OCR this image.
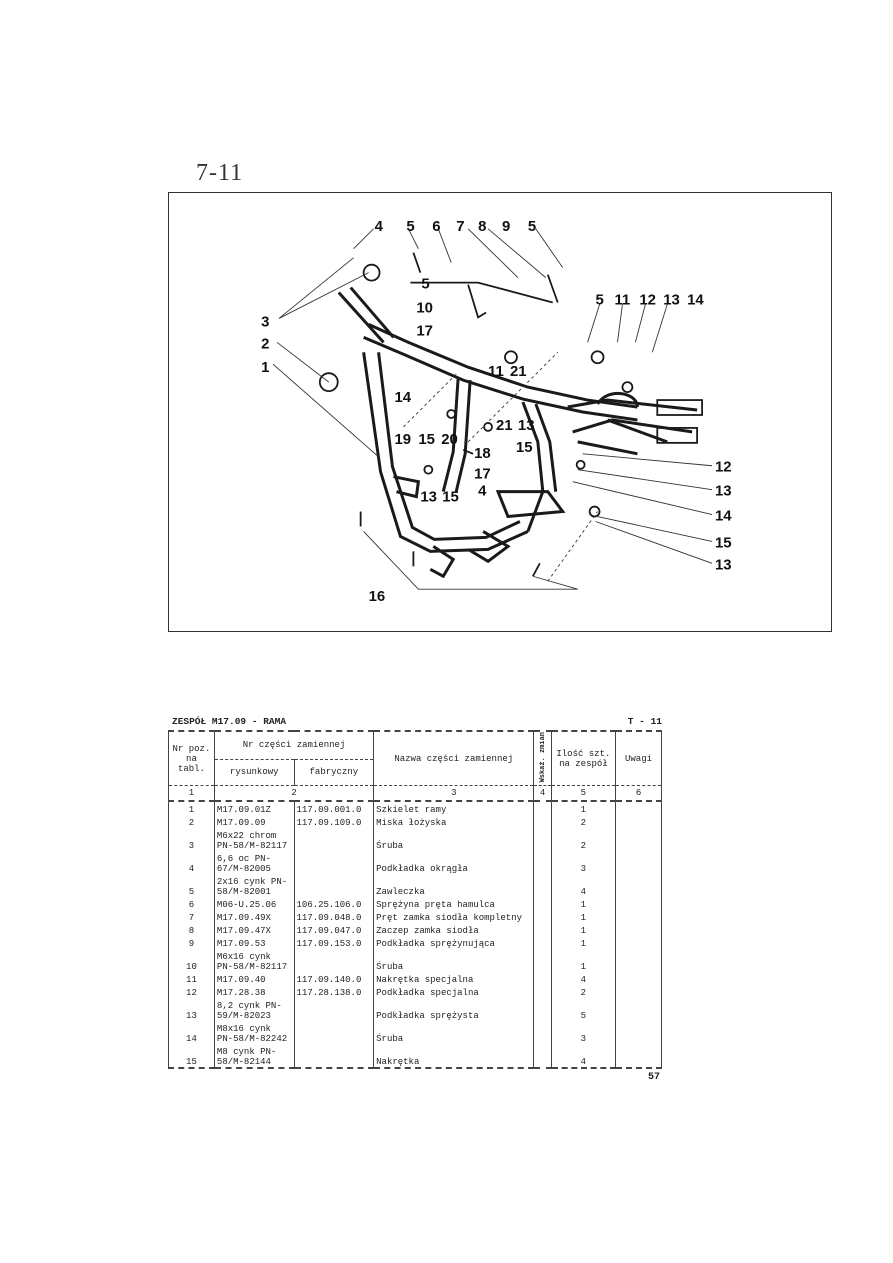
7-11
4 5 6 7 8 9 5
5
10
17
3
2
1
5 11 12 13 14
11 21
14
21 13
19 15 20
18 15
17
4
13 15
12
13
14
15
13
16
ZESPÓŁ M17.09 - RAMA	T - 11
Nr poz. na tabl.	Nr części zamiennej		Nazwa części zamiennej	Wskaź. zmian	Ilość szt. na zespół	Uwagi
	rysunkowy	fabryczny				
1	2		3	4	5	6
1	M17.09.01Z	117.09.001.0	Szkielet ramy		1	
2	M17.09.09	117.09.109.0	Miska łożyska		2	
3	M6x22 chrom PN-58/M-82117		Śruba		2	
4	6,6 oc PN-67/M-82005		Podkładka okrągła		3	
5	2x16 cynk PN-58/M-82001		Zawleczka		4	
6	M06-U.25.06	106.25.106.0	Sprężyna pręta hamulca		1	
7	M17.09.49X	117.09.048.0	Pręt zamka siodła kompletny		1	
8	M17.09.47X	117.09.047.0	Zaczep zamka siodła		1	
9	M17.09.53	117.09.153.0	Podkładka sprężynująca		1	
10	M6x16 cynk PN-58/M-82117		Śruba		1	
11	M17.09.40	117.09.140.0	Nakrętka specjalna		4	
12	M17.28.38	117.28.138.0	Podkładka specjalna		2	
13	8,2 cynk PN-59/M-82023		Podkładka sprężysta		5	
14	M8x16 cynk PN-58/M-82242		Śruba		3	
15	M8 cynk PN-58/M-82144		Nakrętka		4	
57
